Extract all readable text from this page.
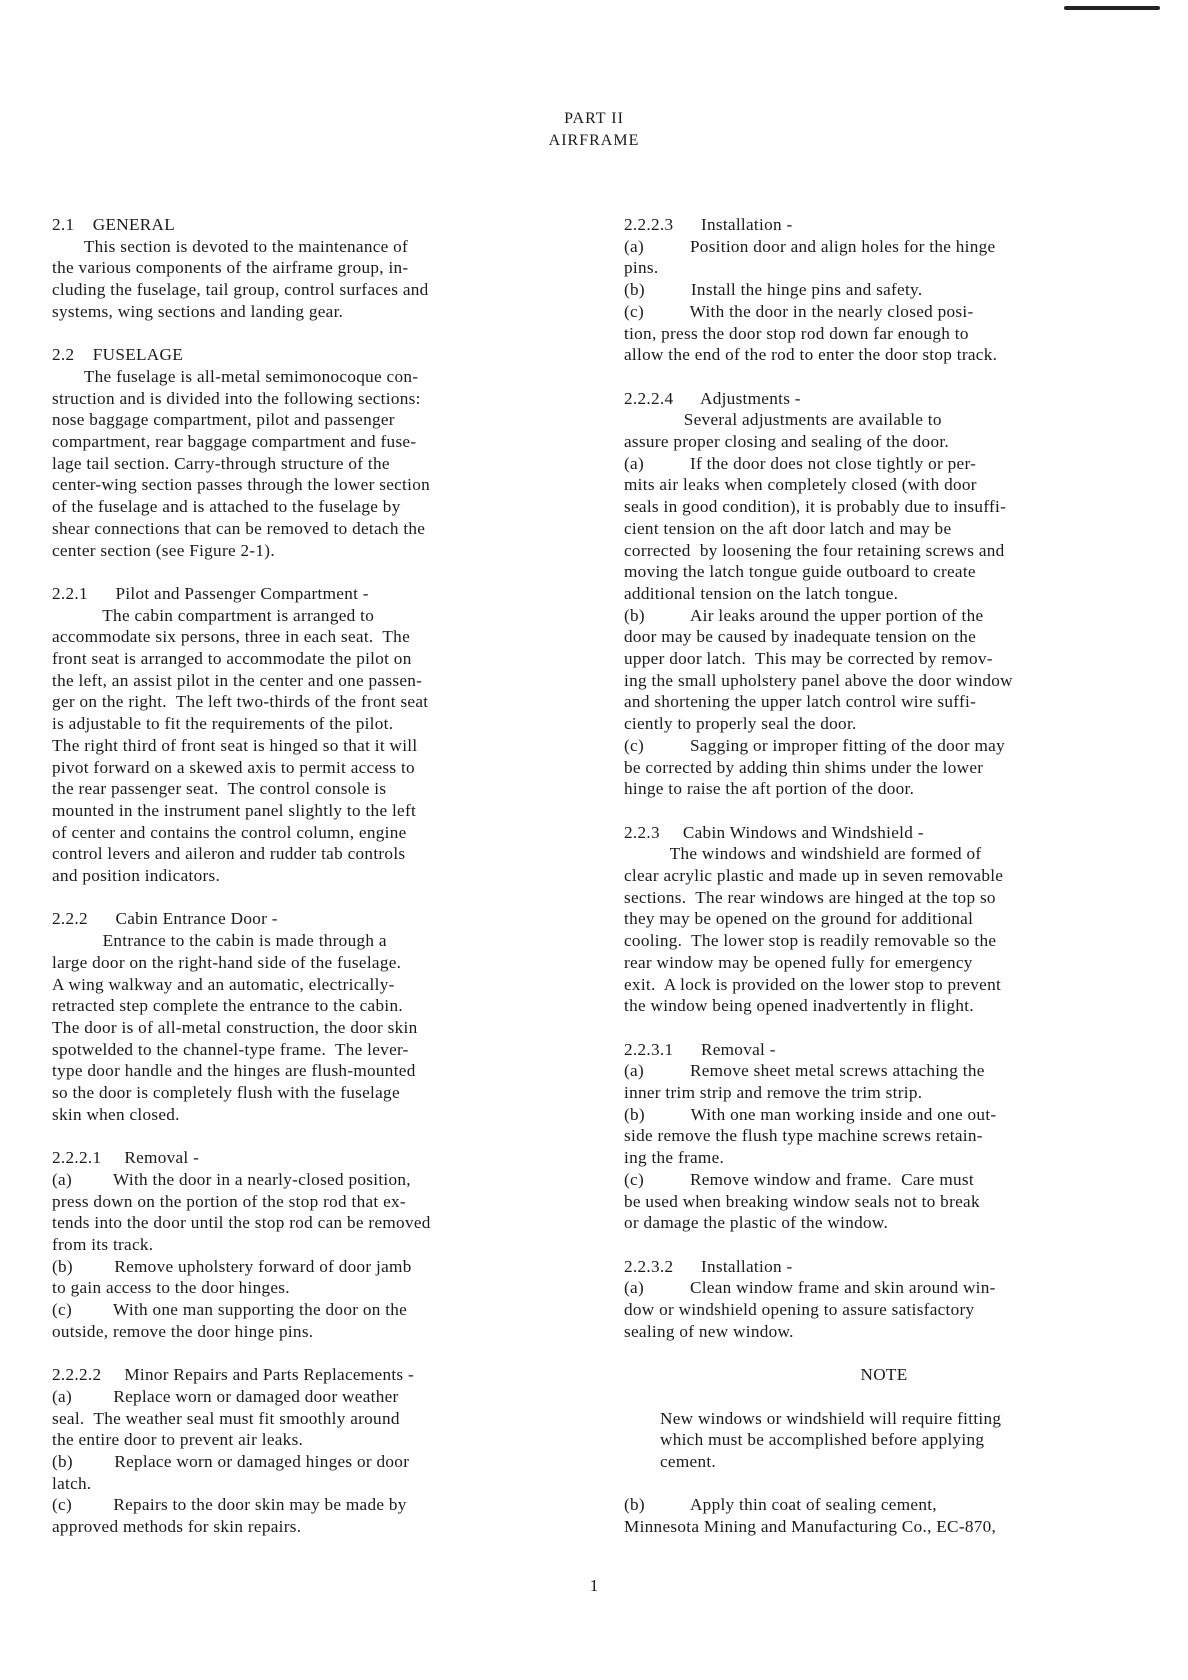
PART II
AIRFRAME
2.1    GENERAL
This section is devoted to the maintenance of
the various components of the airframe group, in-
cluding the fuselage, tail group, control surfaces and
systems, wing sections and landing gear.
2.2    FUSELAGE
The fuselage is all-metal semimonocoque con-
struction and is divided into the following sections:
nose baggage compartment, pilot and passenger
compartment, rear baggage compartment and fuse-
lage tail section. Carry-through structure of the
center-wing section passes through the lower section
of the fuselage and is attached to the fuselage by
shear connections that can be removed to detach the
center section (see Figure 2-1).
2.2.1      Pilot and Passenger Compartment -
The cabin compartment is arranged to
accommodate six persons, three in each seat.  The
front seat is arranged to accommodate the pilot on
the left, an assist pilot in the center and one passen-
ger on the right.  The left two-thirds of the front seat
is adjustable to fit the requirements of the pilot.
The right third of front seat is hinged so that it will
pivot forward on a skewed axis to permit access to
the rear passenger seat.  The control console is
mounted in the instrument panel slightly to the left
of center and contains the control column, engine
control levers and aileron and rudder tab controls
and position indicators.
2.2.2      Cabin Entrance Door -
Entrance to the cabin is made through a
large door on the right-hand side of the fuselage.
A wing walkway and an automatic, electrically-
retracted step complete the entrance to the cabin.
The door is of all-metal construction, the door skin
spotwelded to the channel-type frame.  The lever-
type door handle and the hinges are flush-mounted
so the door is completely flush with the fuselage
skin when closed.
2.2.2.1     Removal -
(a)         With the door in a nearly-closed position,
press down on the portion of the stop rod that ex-
tends into the door until the stop rod can be removed
from its track.
(b)         Remove upholstery forward of door jamb
to gain access to the door hinges.
(c)         With one man supporting the door on the
outside, remove the door hinge pins.
2.2.2.2     Minor Repairs and Parts Replacements -
(a)         Replace worn or damaged door weather
seal.  The weather seal must fit smoothly around
the entire door to prevent air leaks.
(b)         Replace worn or damaged hinges or door
latch.
(c)         Repairs to the door skin may be made by
approved methods for skin repairs.
2.2.2.3      Installation -
(a)          Position door and align holes for the hinge
pins.
(b)          Install the hinge pins and safety.
(c)          With the door in the nearly closed posi-
tion, press the door stop rod down far enough to
allow the end of the rod to enter the door stop track.
2.2.2.4      Adjustments -
Several adjustments are available to
assure proper closing and sealing of the door.
(a)          If the door does not close tightly or per-
mits air leaks when completely closed (with door
seals in good condition), it is probably due to insuffi-
cient tension on the aft door latch and may be
corrected  by loosening the four retaining screws and
moving the latch tongue guide outboard to create
additional tension on the latch tongue.
(b)          Air leaks around the upper portion of the
door may be caused by inadequate tension on the
upper door latch.  This may be corrected by remov-
ing the small upholstery panel above the door window
and shortening the upper latch control wire suffi-
ciently to properly seal the door.
(c)          Sagging or improper fitting of the door may
be corrected by adding thin shims under the lower
hinge to raise the aft portion of the door.
2.2.3     Cabin Windows and Windshield -
The windows and windshield are formed of
clear acrylic plastic and made up in seven removable
sections.  The rear windows are hinged at the top so
they may be opened on the ground for additional
cooling.  The lower stop is readily removable so the
rear window may be opened fully for emergency
exit.  A lock is provided on the lower stop to prevent
the window being opened inadvertently in flight.
2.2.3.1      Removal -
(a)          Remove sheet metal screws attaching the
inner trim strip and remove the trim strip.
(b)          With one man working inside and one out-
side remove the flush type machine screws retain-
ing the frame.
(c)          Remove window and frame.  Care must
be used when breaking window seals not to break
or damage the plastic of the window.
2.2.3.2      Installation -
(a)          Clean window frame and skin around win-
dow or windshield opening to assure satisfactory
sealing of new window.
NOTE
New windows or windshield will require fitting
which must be accomplished before applying
cement.
(b)          Apply thin coat of sealing cement,
Minnesota Mining and Manufacturing Co., EC-870,
1
